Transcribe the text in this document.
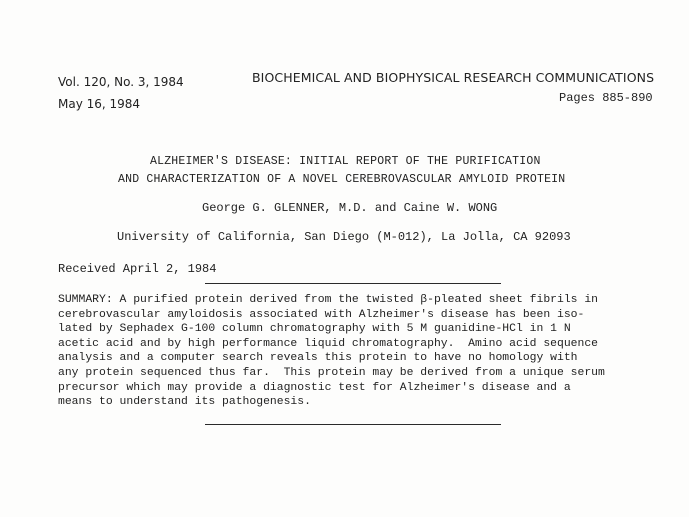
Vol. 120, No. 3, 1984
May 16, 1984
BIOCHEMICAL AND BIOPHYSICAL RESEARCH COMMUNICATIONS
Pages 885-890
ALZHEIMER'S DISEASE: INITIAL REPORT OF THE PURIFICATION
AND CHARACTERIZATION OF A NOVEL CEREBROVASCULAR AMYLOID PROTEIN
George G. GLENNER, M.D. and Caine W. WONG
University of California, San Diego (M-012), La Jolla, CA 92093
Received April 2, 1984
SUMMARY: A purified protein derived from the twisted β-pleated sheet fibrils in
cerebrovascular amyloidosis associated with Alzheimer's disease has been iso-
lated by Sephadex G-100 column chromatography with 5 M guanidine-HCl in 1 N
acetic acid and by high performance liquid chromatography.  Amino acid sequence
analysis and a computer search reveals this protein to have no homology with
any protein sequenced thus far.  This protein may be derived from a unique serum
precursor which may provide a diagnostic test for Alzheimer's disease and a
means to understand its pathogenesis.
